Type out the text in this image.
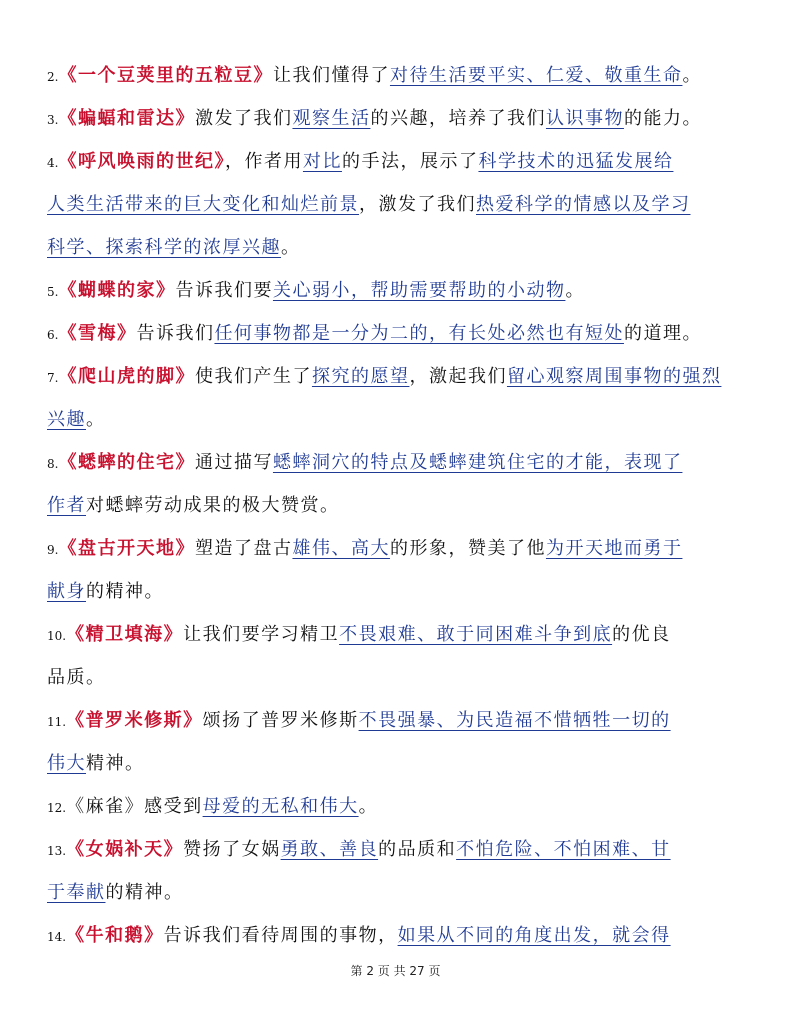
2.《一个豆荚里的五粒豆》让我们懂得了对待生活要平实、仁爱、敬重生命。
3.《蝙蝠和雷达》激发了我们观察生活的兴趣，培养了我们认识事物的能力。
4.《呼风唤雨的世纪》，作者用对比的手法，展示了科学技术的迅猛发展给
人类生活带来的巨大变化和灿烂前景，激发了我们热爱科学的情感以及学习
科学、探索科学的浓厚兴趣。
5.《蝴蝶的家》告诉我们要关心弱小，帮助需要帮助的小动物。
6.《雪梅》告诉我们任何事物都是一分为二的，有长处必然也有短处的道理。
7.《爬山虎的脚》使我们产生了探究的愿望，激起我们留心观察周围事物的强烈
兴趣。
8.《蟋蟀的住宅》通过描写蟋蟀洞穴的特点及蟋蟀建筑住宅的才能，表现了
作者对蟋蟀劳动成果的极大赞赏。
9.《盘古开天地》塑造了盘古雄伟、高大的形象，赞美了他为开天地而勇于
献身的精神。
10.《精卫填海》让我们要学习精卫不畏艰难、敢于同困难斗争到底的优良
品质。
11.《普罗米修斯》颂扬了普罗米修斯不畏强暴、为民造福不惜牺牲一切的
伟大精神。
12.《麻雀》感受到母爱的无私和伟大。
13.《女娲补天》赞扬了女娲勇敢、善良的品质和不怕危险、不怕困难、甘
于奉献的精神。
14.《牛和鹅》告诉我们看待周围的事物，如果从不同的角度出发，就会得
第 2 页 共 27 页
